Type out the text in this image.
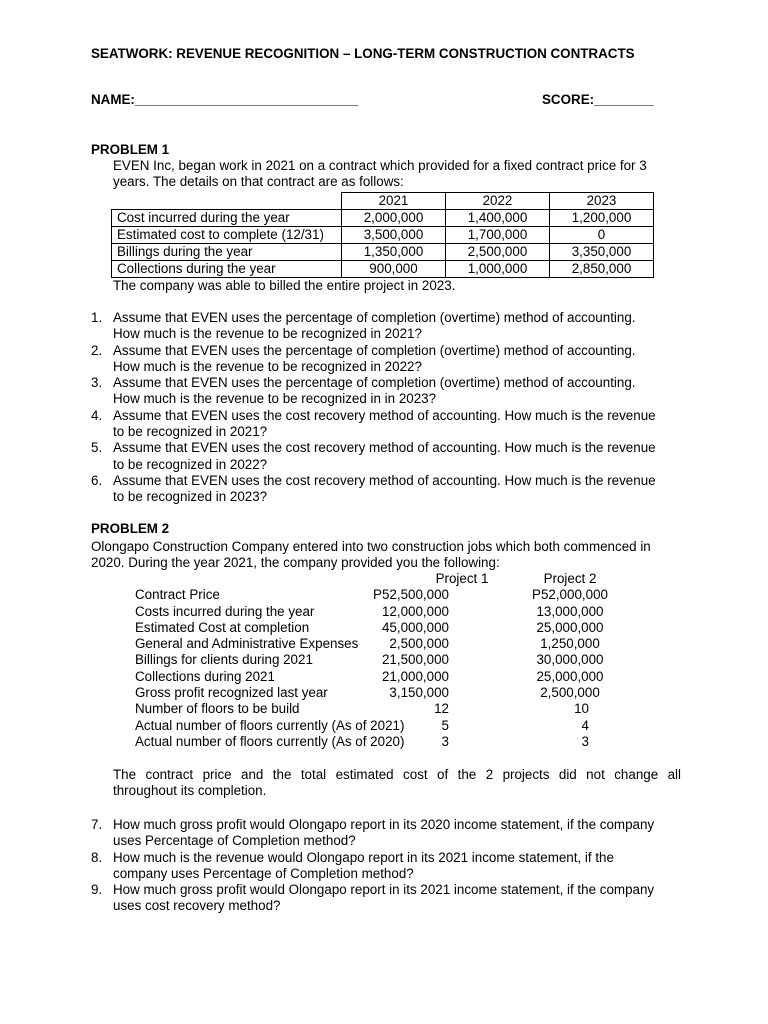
SEATWORK: REVENUE RECOGNITION – LONG-TERM CONSTRUCTION CONTRACTS
NAME:______________________________	SCORE:________
PROBLEM 1
EVEN Inc, began work in 2021 on a contract which provided for a fixed contract price for 3
years. The details on that contract are as follows:
	2021	2022	2023
Cost incurred during the year	2,000,000	1,400,000	1,200,000
Estimated cost to complete (12/31)	3,500,000	1,700,000	0
Billings during the year	1,350,000	2,500,000	3,350,000
Collections during the year	900,000	1,000,000	2,850,000
The company was able to billed the entire project in 2023.
1. Assume that EVEN uses the percentage of completion (overtime) method of accounting.
How much is the revenue to be recognized in 2021?
2. Assume that EVEN uses the percentage of completion (overtime) method of accounting.
How much is the revenue to be recognized in 2022?
3. Assume that EVEN uses the percentage of completion (overtime) method of accounting.
How much is the revenue to be recognized in in 2023?
4. Assume that EVEN uses the cost recovery method of accounting. How much is the revenue
to be recognized in 2021?
5. Assume that EVEN uses the cost recovery method of accounting. How much is the revenue
to be recognized in 2022?
6. Assume that EVEN uses the cost recovery method of accounting. How much is the revenue
to be recognized in 2023?
PROBLEM 2
Olongapo Construction Company entered into two construction jobs which both commenced in
2020. During the year 2021, the company provided you the following:
Project 1	Project 2
Contract Price	P52,500,000	P52,000,000
Costs incurred during the year	12,000,000	13,000,000
Estimated Cost at completion	45,000,000	25,000,000
General and Administrative Expenses 2,500,000	1,250,000
Billings for clients during 2021	21,500,000	30,000,000
Collections during 2021	21,000,000	25,000,000
Gross profit recognized last year	3,150,000	2,500,000
Number of floors to be build	12	10
Actual number of floors currently (As of 2021)	5	4
Actual number of floors currently (As of 2020)	3	3
The contract price and the total estimated cost of the 2 projects did not change all
throughout its completion.
7. How much gross profit would Olongapo report in its 2020 income statement, if the company
uses Percentage of Completion method?
8. How much is the revenue would Olongapo report in its 2021 income statement, if the
company uses Percentage of Completion method?
9. How much gross profit would Olongapo report in its 2021 income statement, if the company
uses cost recovery method?
